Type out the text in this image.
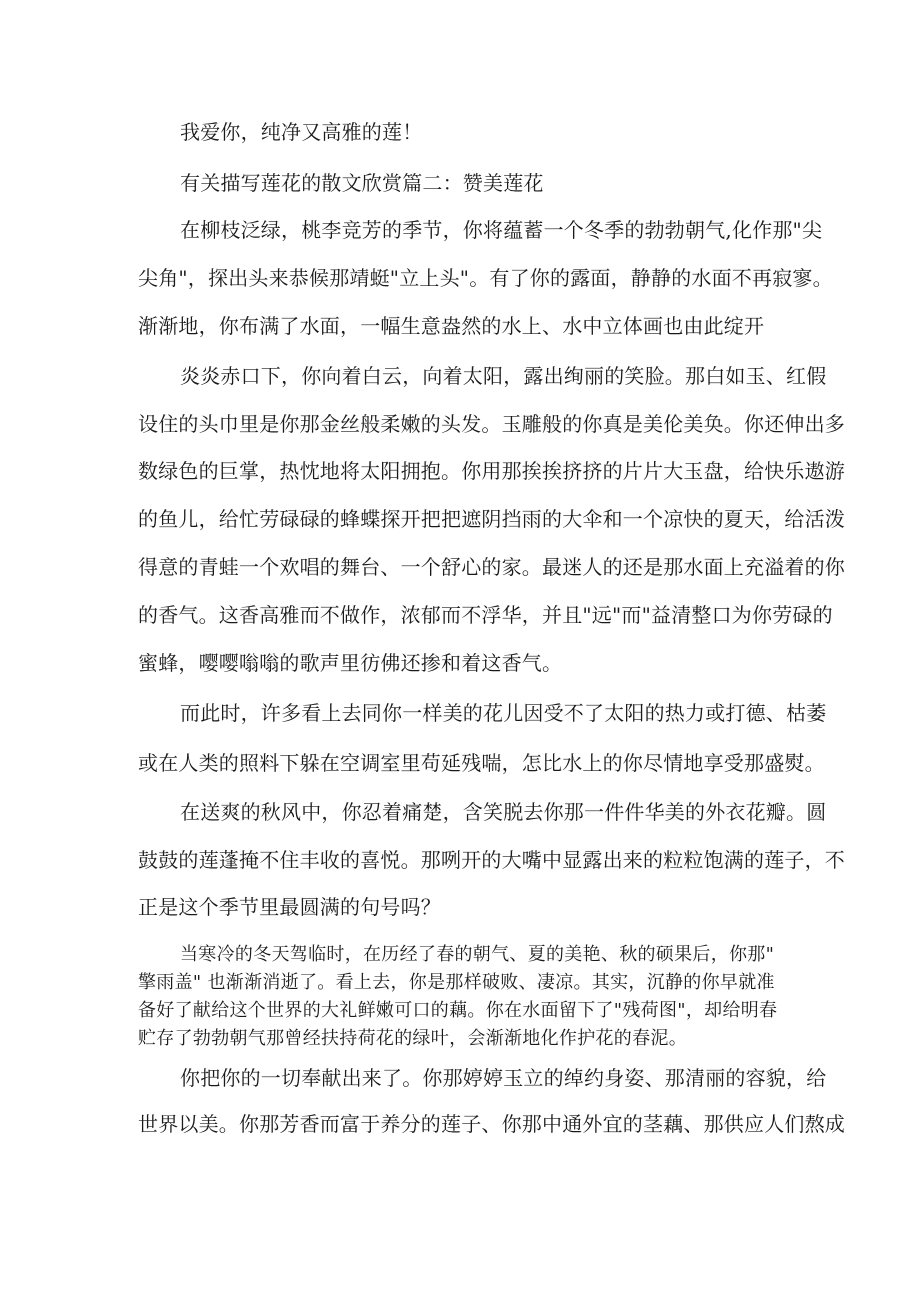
我爱你，纯净又高雅的莲！

有关描写莲花的散文欣赏篇二：赞美莲花

在柳枝泛绿，桃李竞芳的季节，你将蕴蓄一个冬季的勃勃朝气,化作那"尖

尖角"，探出头来恭候那靖蜓"立上头"。有了你的露面，静静的水面不再寂寥。

渐渐地，你布满了水面，一幅生意盎然的水上、水中立体画也由此绽开

炎炎赤口下，你向着白云，向着太阳，露出绚丽的笑脸。那白如玉、红假

设住的头巾里是你那金丝般柔嫩的头发。玉雕般的你真是美伦美奂。你还伸出多

数绿色的巨掌，热忱地将太阳拥抱。你用那挨挨挤挤的片片大玉盘，给快乐遨游

的鱼儿，给忙劳碌碌的蜂蝶探开把把遮阴挡雨的大伞和一个凉快的夏天，给活泼

得意的青蛙一个欢唱的舞台、一个舒心的家。最迷人的还是那水面上充溢着的你

的香气。这香高雅而不做作，浓郁而不浮华，并且"远"而"益清整口为你劳碌的

蜜蜂，嘤嘤嗡嗡的歌声里彷佛还掺和着这香气。

而此时，许多看上去同你一样美的花儿因受不了太阳的热力或打德、枯萎

或在人类的照料下躲在空调室里苟延残喘，怎比水上的你尽情地享受那盛熨。

在送爽的秋风中，你忍着痛楚，含笑脱去你那一件件华美的外衣花瓣。圆

鼓鼓的莲蓬掩不住丰收的喜悦。那咧开的大嘴中显露出来的粒粒饱满的莲子，不

正是这个季节里最圆满的句号吗？

当寒冷的冬天驾临时，在历经了春的朝气、夏的美艳、秋的硕果后，你那"

擎雨盖" 也渐渐消逝了。看上去，你是那样破败、凄凉。其实，沉静的你早就准

备好了献给这个世界的大礼鲜嫩可口的藕。你在水面留下了"残荷图"，却给明春

贮存了勃勃朝气那曾经扶持荷花的绿叶，会渐渐地化作护花的春泥。

你把你的一切奉献出来了。你那婷婷玉立的绰约身姿、那清丽的容貌，给

世界以美。你那芳香而富于养分的莲子、你那中通外宜的茎藕、那供应人们熬成
